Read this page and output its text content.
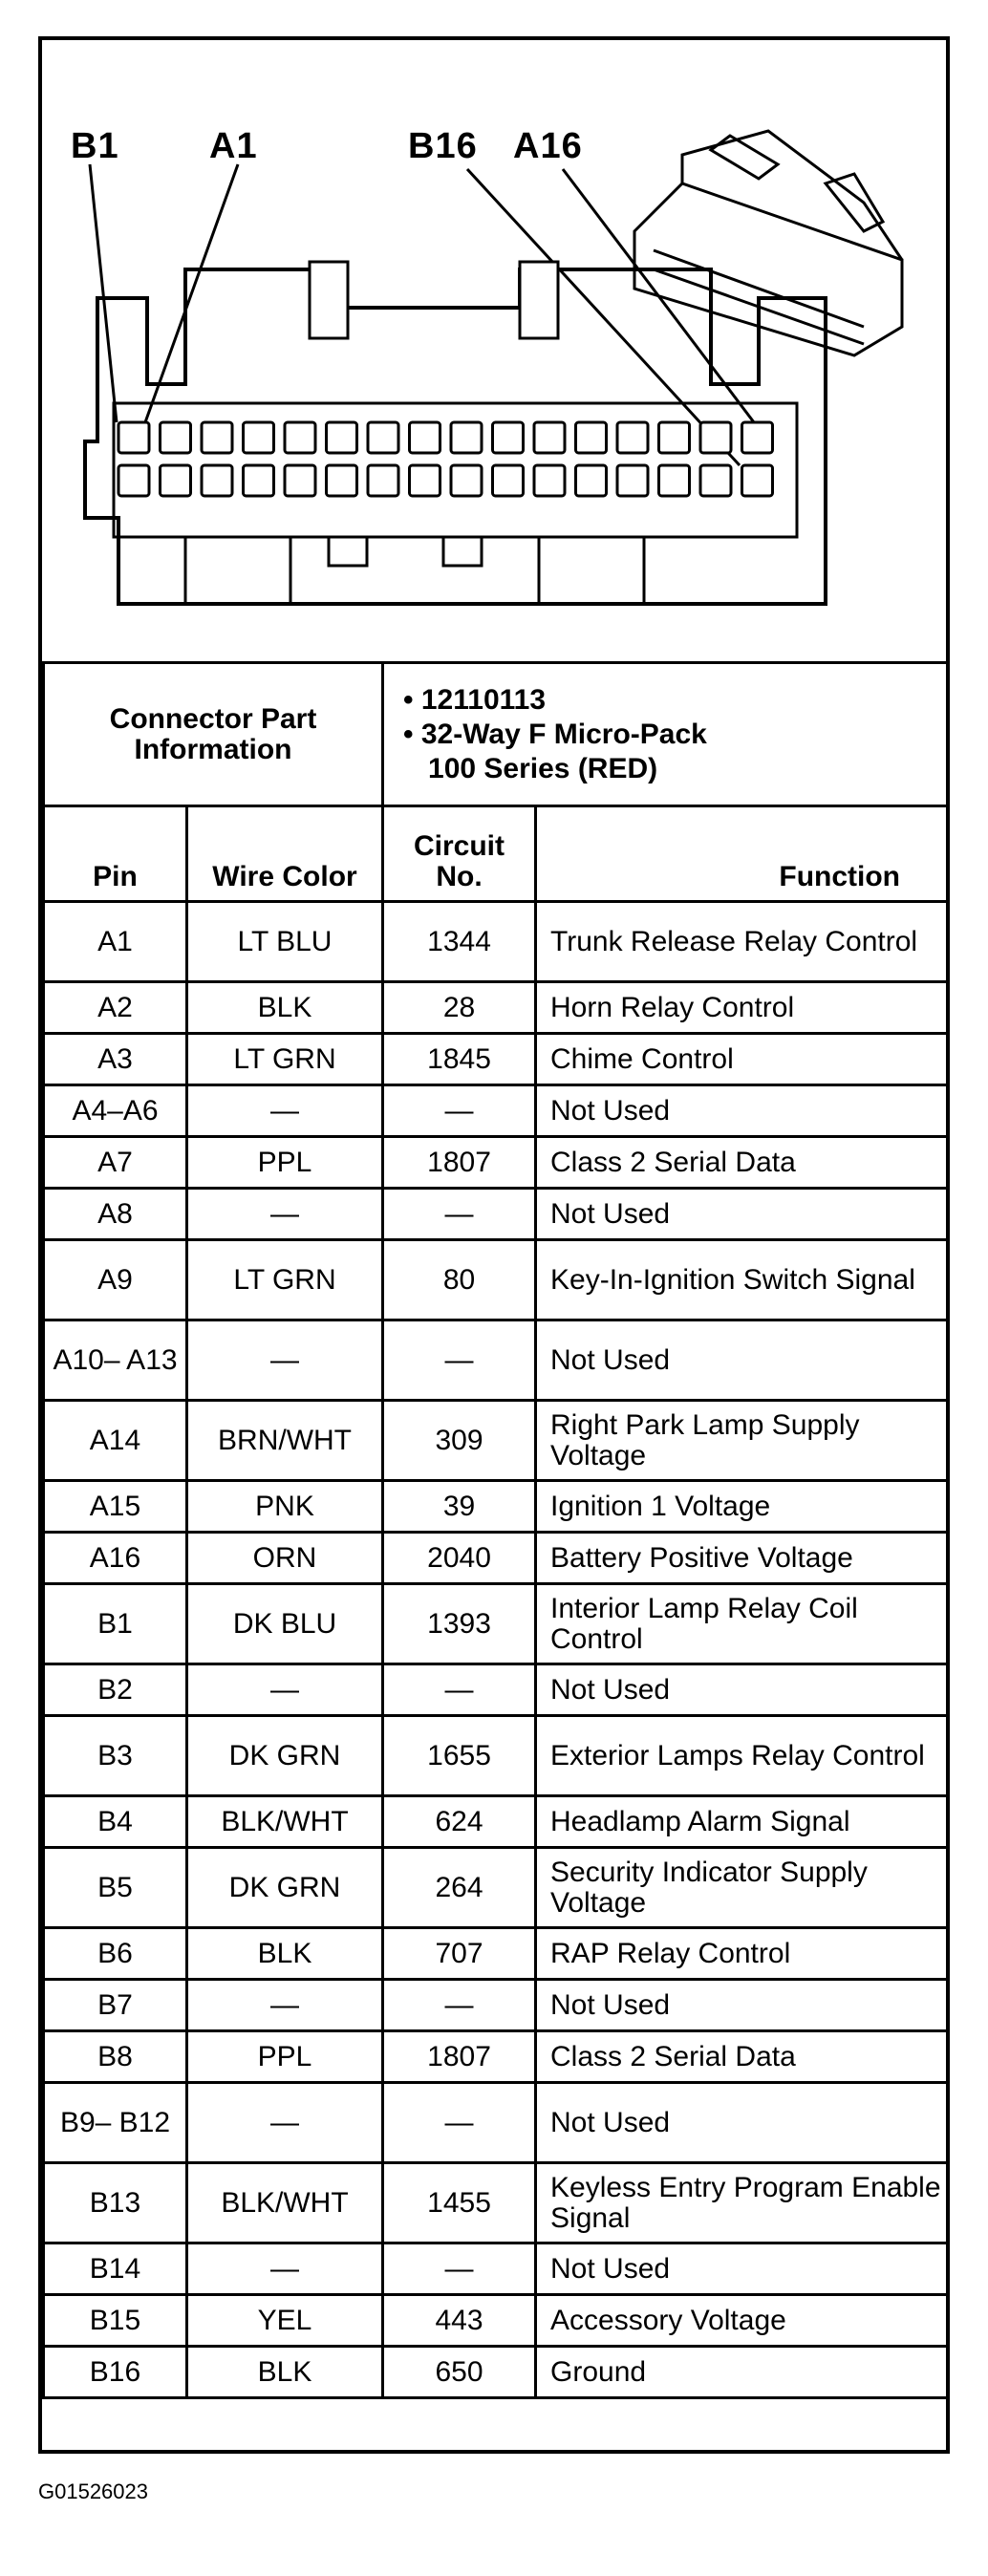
B1 A1	B16 A16
Connector Part Information		• 12110113
• 32-Way F Micro-Pack
100 Series (RED)	

Pin	Wire Color	Circuit No.	Function
A1	LT BLU	1344	Trunk Release Relay Control
A2	BLK	28	Horn Relay Control
A3	LT GRN	1845	Chime Control
A4–A6	—	—	Not Used
A7	PPL	1807	Class 2 Serial Data
A8	—	—	Not Used
A9	LT GRN	80	Key-In-Ignition Switch Signal
A10– A13	—	—	Not Used
A14	BRN/WHT	309	Right Park Lamp Supply Voltage
A15	PNK	39	Ignition 1 Voltage
A16	ORN	2040	Battery Positive Voltage
B1	DK BLU	1393	Interior Lamp Relay Coil Control
B2	—	—	Not Used
B3	DK GRN	1655	Exterior Lamps Relay Control
B4	BLK/WHT	624	Headlamp Alarm Signal
B5	DK GRN	264	Security Indicator Supply Voltage
B6	BLK	707	RAP Relay Control
B7	—	—	Not Used
B8	PPL	1807	Class 2 Serial Data
B9– B12	—	—	Not Used
B13	BLK/WHT	1455	Keyless Entry Program Enable Signal
B14	—	—	Not Used
B15	YEL	443	Accessory Voltage
B16	BLK	650	Ground
G01526023
